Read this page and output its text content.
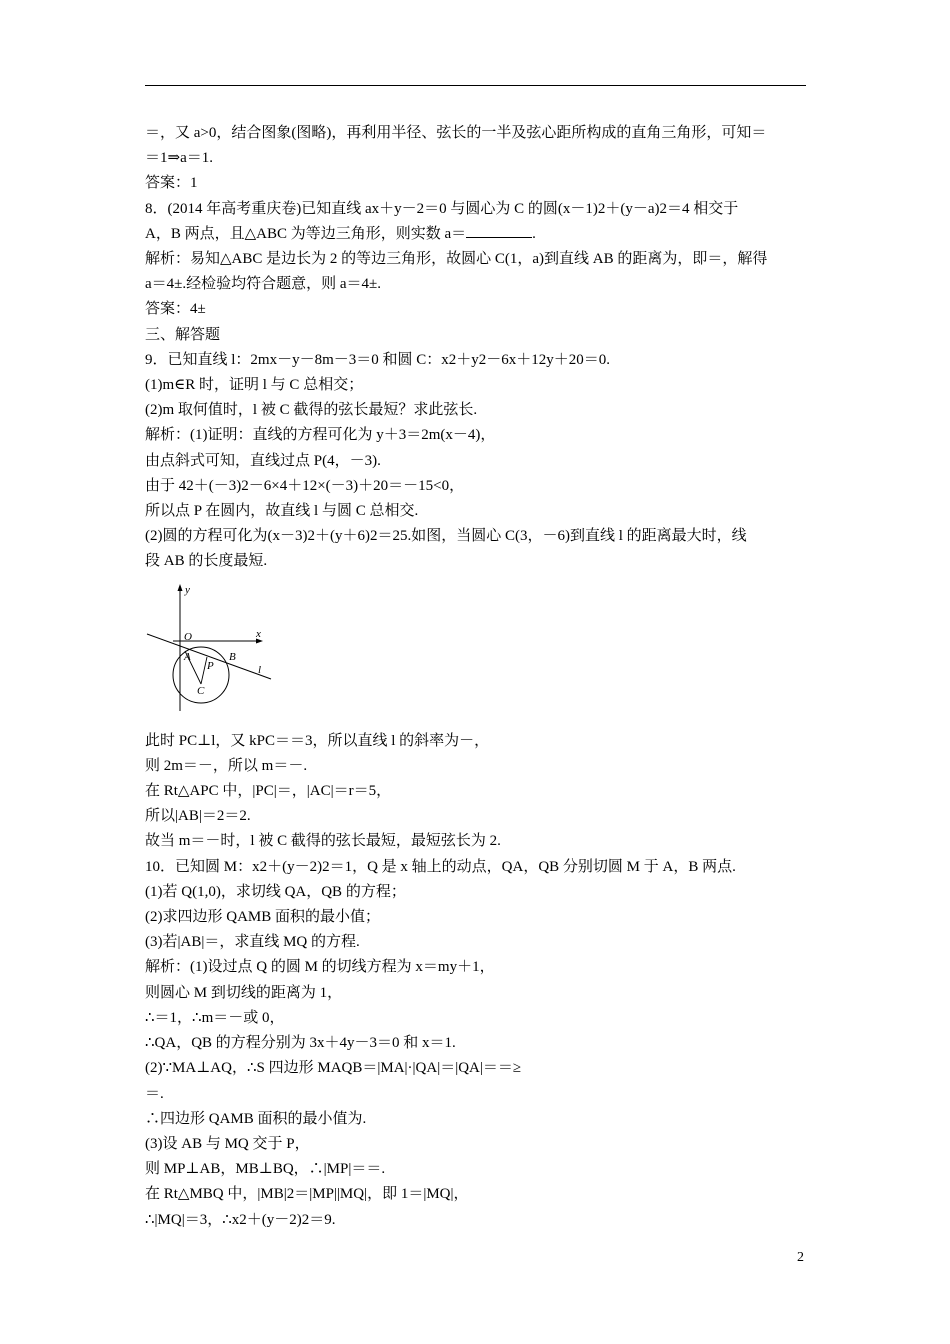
＝，又 a>0，结合图象(图略)，再利用半径、弦长的一半及弦心距所构成的直角三角形，可知＝
＝1⇒a＝1.
答案：1
8．(2014 年高考重庆卷)已知直线 ax＋y－2＝0 与圆心为 C 的圆(x－1)2＋(y－a)2＝4 相交于
A，B 两点，且△ABC 为等边三角形，则实数 a＝	.
解析：易知△ABC 是边长为 2 的等边三角形，故圆心 C(1，a)到直线 AB 的距离为，即＝，解得
a＝4±.经检验均符合题意，则 a＝4±.
答案：4±
三、解答题
9．已知直线 l：2mx－y－8m－3＝0 和圆 C：x2＋y2－6x＋12y＋20＝0.
(1)m∈R 时，证明 l 与 C 总相交；
(2)m 取何值时，l 被 C 截得的弦长最短？求此弦长.
解析：(1)证明：直线的方程可化为 y＋3＝2m(x－4)，
由点斜式可知，直线过点 P(4，－3).
由于 42＋(－3)2－6×4＋12×(－3)＋20＝－15<0，
所以点 P 在圆内，故直线 l 与圆 C 总相交.
(2)圆的方程可化为(x－3)2＋(y＋6)2＝25.如图，当圆心 C(3，－6)到直线 l 的距离最大时，线
段 AB 的长度最短.
y
x
O
A	B
P
C
l
此时 PC⊥l，又 kPC＝＝3，所以直线 l 的斜率为－，
则 2m＝－，所以 m＝－.
在 Rt△APC 中，|PC|＝，|AC|＝r＝5，
所以|AB|＝2＝2.
故当 m＝－时，l 被 C 截得的弦长最短，最短弦长为 2.
10．已知圆 M：x2＋(y－2)2＝1，Q 是 x 轴上的动点，QA，QB 分别切圆 M 于 A，B 两点.
(1)若 Q(1,0)，求切线 QA，QB 的方程；
(2)求四边形 QAMB 面积的最小值；
(3)若|AB|＝，求直线 MQ 的方程.
解析：(1)设过点 Q 的圆 M 的切线方程为 x＝my＋1，
则圆心 M 到切线的距离为 1，
∴＝1，∴m＝－或 0，
∴QA，QB 的方程分别为 3x＋4y－3＝0 和 x＝1.
(2)∵MA⊥AQ，∴S 四边形 MAQB＝|MA|·|QA|＝|QA|＝＝≥
＝.
∴四边形 QAMB 面积的最小值为.
(3)设 AB 与 MQ 交于 P，
则 MP⊥AB，MB⊥BQ，∴|MP|＝＝.
在 Rt△MBQ 中，|MB|2＝|MP||MQ|，即 1＝|MQ|，
∴|MQ|＝3，∴x2＋(y－2)2＝9.
2
